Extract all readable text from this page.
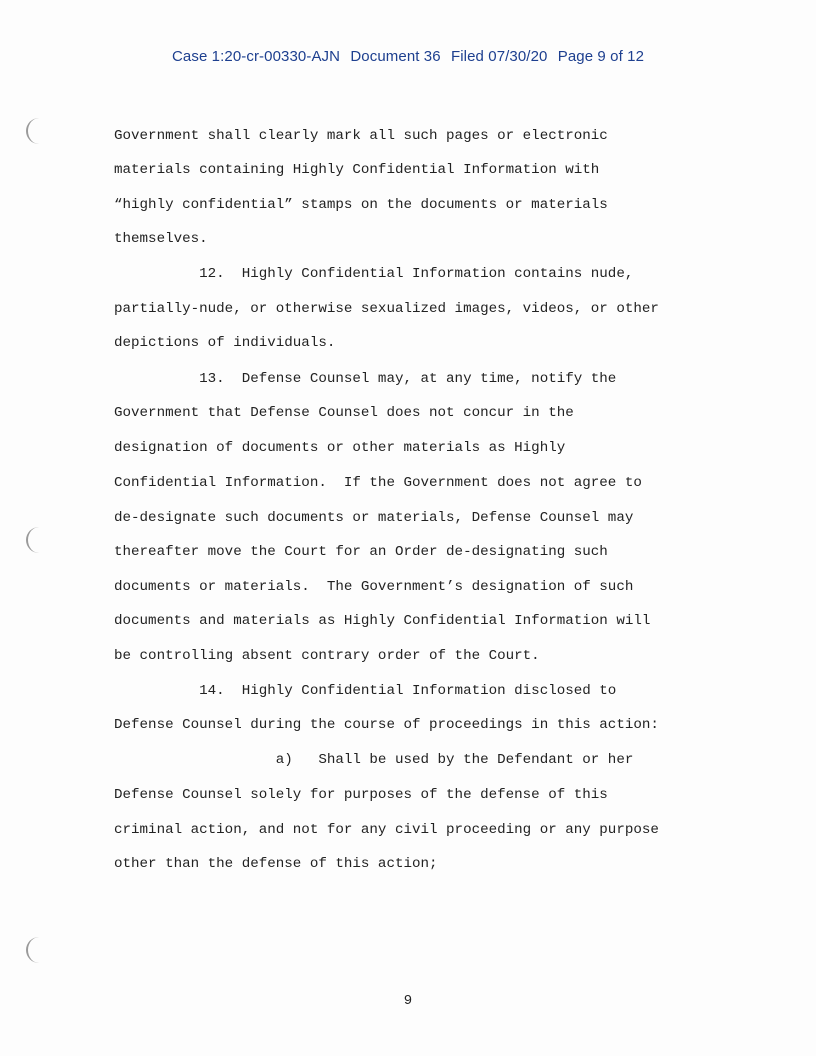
Case 1:20-cr-00330-AJN Document 36 Filed 07/30/20 Page 9 of 12

Government shall clearly mark all such pages or electronic

materials containing Highly Confidential Information with

“highly confidential” stamps on the documents or materials

themselves.

12.  Highly Confidential Information contains nude,

partially-nude, or otherwise sexualized images, videos, or other

depictions of individuals.

13.  Defense Counsel may, at any time, notify the

Government that Defense Counsel does not concur in the

designation of documents or other materials as Highly

Confidential Information.  If the Government does not agree to

de-designate such documents or materials, Defense Counsel may

thereafter move the Court for an Order de-designating such

documents or materials.  The Government’s designation of such

documents and materials as Highly Confidential Information will

be controlling absent contrary order of the Court.

14.  Highly Confidential Information disclosed to

Defense Counsel during the course of proceedings in this action:

a)   Shall be used by the Defendant or her

Defense Counsel solely for purposes of the defense of this

criminal action, and not for any civil proceeding or any purpose

other than the defense of this action;

9
